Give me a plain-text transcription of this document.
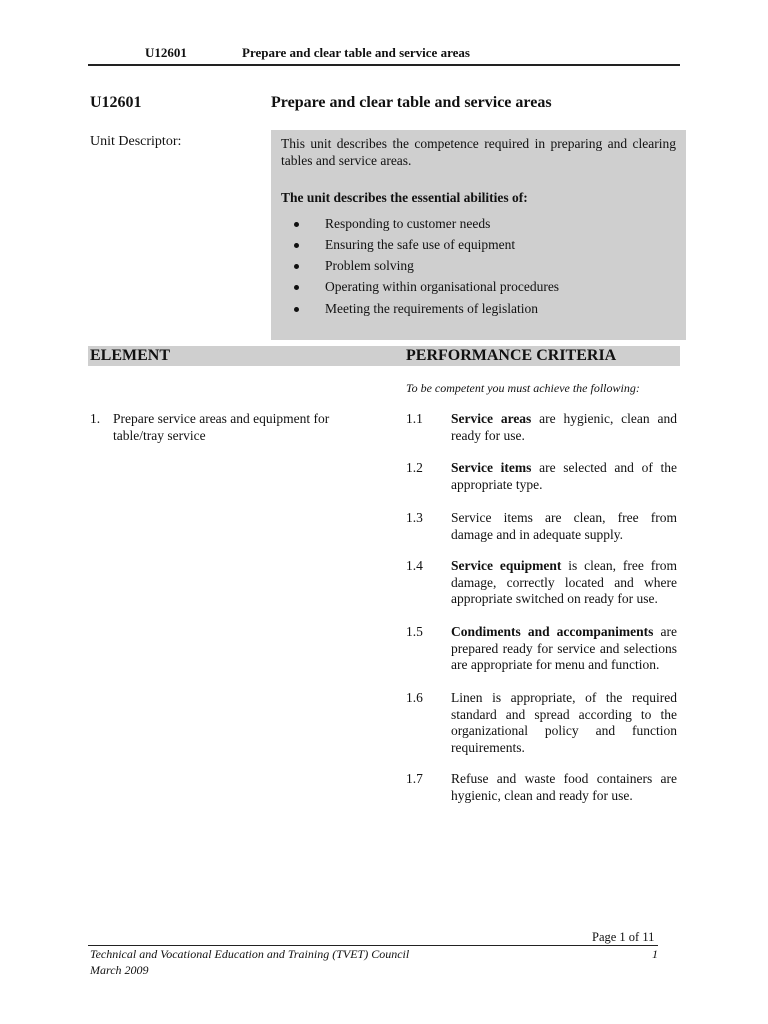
U12601	Prepare and clear table and service areas
U12601	Prepare and clear table and service areas
Unit Descriptor:	This unit describes the competence required in preparing and clearing tables and service areas.

The unit describes the essential abilities of:

Responding to customer needs
Ensuring the safe use of equipment
Problem solving
Operating within organisational procedures
Meeting the requirements of legislation
ELEMENT	PERFORMANCE CRITERIA
To be competent you must achieve the following:
1. Prepare service areas and equipment for table/tray service
1.1 Service areas are hygienic, clean and ready for use.
1.2 Service items are selected and of the appropriate type.
1.3 Service items are clean, free from damage and in adequate supply.
1.4 Service equipment is clean, free from damage, correctly located and where appropriate switched on ready for use.
1.5 Condiments and accompaniments are prepared ready for service and selections are appropriate for menu and function.
1.6 Linen is appropriate, of the required standard and spread according to the organizational policy and function requirements.
1.7 Refuse and waste food containers are hygienic, clean and ready for use.
Page 1 of 11
Technical and Vocational Education and Training (TVET) Council	1
March 2009
